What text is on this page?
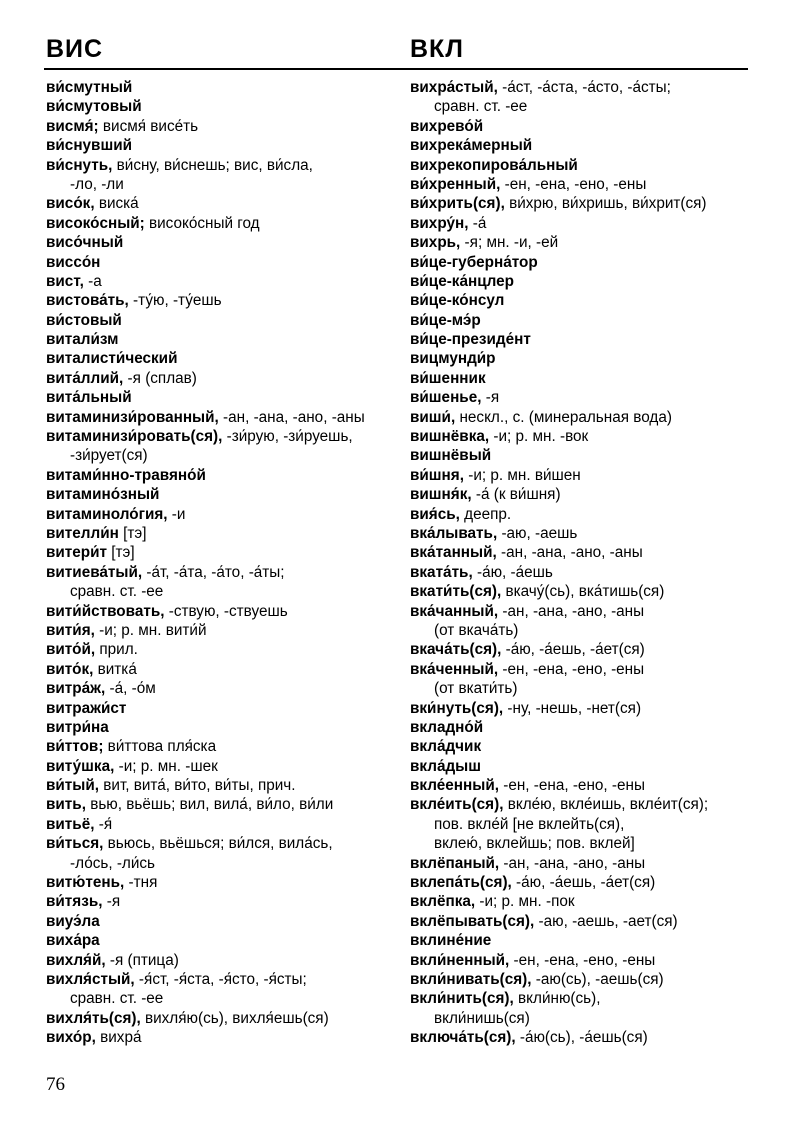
ВИС	ВКЛ
ви́смутный
ви́смутовый
висмя́; висмя́ висе́ть
ви́снувший
ви́снуть, ви́сну, ви́снешь; вис, ви́сла,
-ло, -ли
висо́к, виска́
високо́сный; високо́сный год
висо́чный
виссо́н
вист, -а
вистова́ть, -ту́ю, -ту́ешь
ви́стовый
витали́зм
виталисти́ческий
вита́ллий, -я (сплав)
вита́льный
витаминизи́рованный, -ан, -ана, -ано, -аны
витаминизи́ровать(ся), -зи́рую, -зи́руешь,
-зи́рует(ся)
витами́нно-травяно́й
витамино́зный
витаминоло́гия, -и
вителли́н [тэ]
витери́т [тэ]
витиева́тый, -а́т, -а́та, -а́то, -а́ты;
сравн. ст. -ее
вити́йствовать, -ствую, -ствуешь
вити́я, -и; р. мн. вити́й
вито́й, прил.
вито́к, витка́
витра́ж, -а́, -о́м
витражи́ст
витри́на
ви́ттов; ви́ттова пля́ска
виту́шка, -и; р. мн. -шек
ви́тый, вит, вита́, ви́то, ви́ты, прич.
вить, вью, вьёшь; вил, вила́, ви́ло, ви́ли
витьё, -я́
ви́ться, вьюсь, вьёшься; ви́лся, вила́сь,
-ло́сь, -ли́сь
витю́тень, -тня
ви́тязь, -я
виуэ́ла
виха́ра
вихля́й, -я (птица)
вихля́стый, -я́ст, -я́ста, -я́сто, -я́сты;
сравн. ст. -ее
вихля́ть(ся), вихля́ю(сь), вихля́ешь(ся)
вихо́р, вихра́
вихра́стый, -а́ст, -а́ста, -а́сто, -а́сты;
сравн. ст. -ее
вихрево́й
вихрека́мерный
вихрекопирова́льный
ви́хренный, -ен, -ена, -ено, -ены
ви́хрить(ся), ви́хрю, ви́хришь, ви́хрит(ся)
вихру́н, -а́
вихрь, -я; мн. -и, -ей
ви́це-губерна́тор
ви́це-ка́нцлер
ви́це-ко́нсул
ви́це-мэ́р
ви́це-президе́нт
вицмунди́р
ви́шенник
ви́шенье, -я
виши́, нескл., с. (минеральная вода)
вишнёвка, -и; р. мн. -вок
вишнёвый
ви́шня, -и; р. мн. ви́шен
вишня́к, -а́ (к ви́шня)
вия́сь, деепр.
вка́лывать, -аю, -аешь
вка́танный, -ан, -ана, -ано, -аны
вката́ть, -а́ю, -а́ешь
вкати́ть(ся), вкачу́(сь), вка́тишь(ся)
вка́чанный, -ан, -ана, -ано, -аны
(от вкача́ть)
вкача́ть(ся), -а́ю, -а́ешь, -а́ет(ся)
вка́ченный, -ен, -ена, -ено, -ены
(от вкати́ть)
вки́нуть(ся), -ну, -нешь, -нет(ся)
вкладно́й
вкла́дчик
вкла́дыш
вкле́енный, -ен, -ена, -ено, -ены
вкле́ить(ся), вкле́ю, вкле́ишь, вкле́ит(ся);
пов. вкле́й [не вклейть(ся),
вклею́, вклейшь; пов. вклей]
вклёпаный, -ан, -ана, -ано, -аны
вклепа́ть(ся), -а́ю, -а́ешь, -а́ет(ся)
вклёпка, -и; р. мн. -пок
вклёпывать(ся), -аю, -аешь, -ает(ся)
вклине́ние
вкли́ненный, -ен, -ена, -ено, -ены
вкли́нивать(ся), -аю(сь), -аешь(ся)
вкли́нить(ся), вкли́ню(сь),
вкли́нишь(ся)
включа́ть(ся), -а́ю(сь), -а́ешь(ся)
76
